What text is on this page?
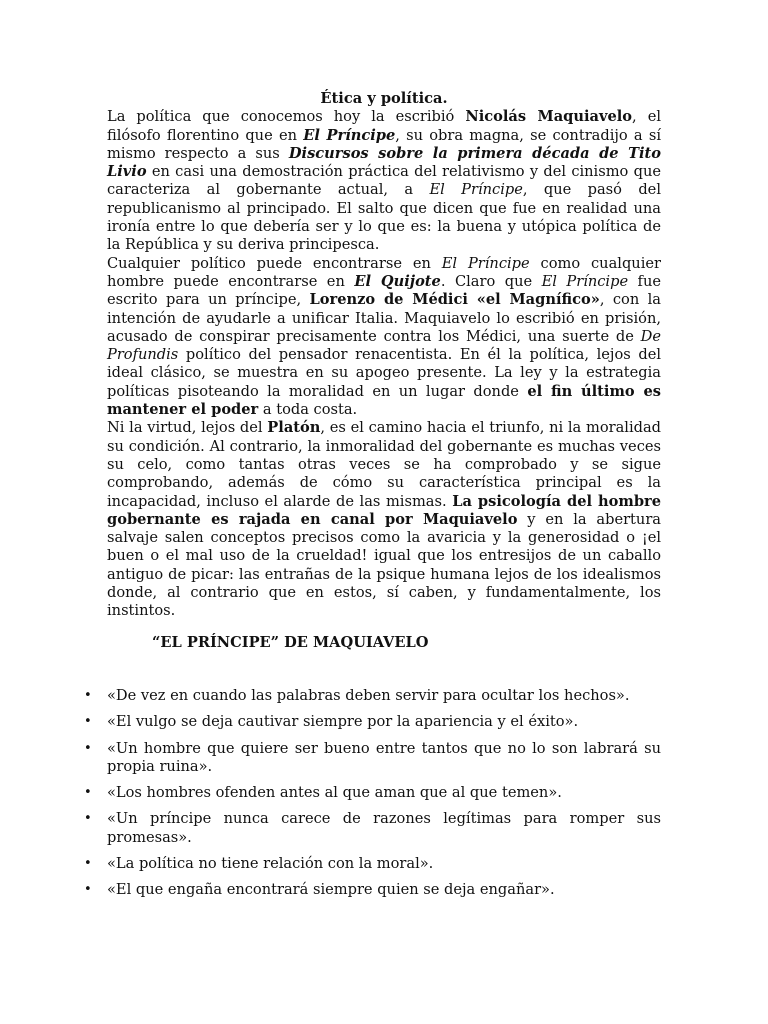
Ética y política.

La política que conocemos hoy la escribió Nicolás Maquiavelo, el filósofo florentino que en El Príncipe, su obra magna, se contradijo a sí mismo respecto a sus Discursos sobre la primera década de Tito Livio en casi una demostración práctica del relativismo y del cinismo que caracteriza al gobernante actual, a El Príncipe, que pasó del republicanismo al principado. El salto que dicen que fue en realidad una ironía entre lo que debería ser y lo que es: la buena y utópica política de la República y su deriva principesca.

Cualquier político puede encontrarse en El Príncipe como cualquier hombre puede encontrarse en El Quijote. Claro que El Príncipe fue escrito para un príncipe, Lorenzo de Médici «el Magnífico», con la intención de ayudarle a unificar Italia. Maquiavelo lo escribió en prisión, acusado de conspirar precisamente contra los Médici, una suerte de De Profundis político del pensador renacentista. En él la política, lejos del ideal clásico, se muestra en su apogeo presente. La ley y la estrategia políticas pisoteando la moralidad en un lugar donde el fin último es mantener el poder a toda costa.

Ni la virtud, lejos del Platón, es el camino hacia el triunfo, ni la moralidad su condición. Al contrario, la inmoralidad del gobernante es muchas veces su celo, como tantas otras veces se ha comprobado y se sigue comprobando, además de cómo su característica principal es la incapacidad, incluso el alarde de las mismas. La psicología del hombre gobernante es rajada en canal por Maquiavelo y en la abertura salvaje salen conceptos precisos como la avaricia y la generosidad o ¡el buen o el mal uso de la crueldad! igual que los entresijos de un caballo antiguo de picar: las entrañas de la psique humana lejos de los idealismos donde, al contrario que en estos, sí caben, y fundamentalmente, los instintos.

“EL PRÍNCIPE” DE MAQUIAVELO

• «De vez en cuando las palabras deben servir para ocultar los hechos».
• «El vulgo se deja cautivar siempre por la apariencia y el éxito».
• «Un hombre que quiere ser bueno entre tantos que no lo son labrará su propia ruina».
• «Los hombres ofenden antes al que aman que al que temen».
• «Un príncipe nunca carece de razones legítimas para romper sus promesas».
• «La política no tiene relación con la moral».
• «El que engaña encontrará siempre quien se deja engañar».
